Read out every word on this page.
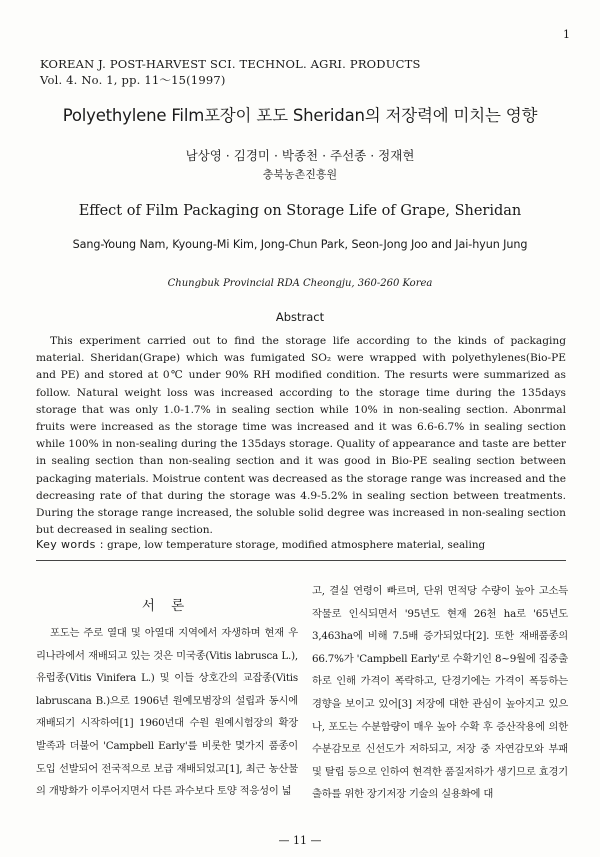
1
KOREAN J. POST-HARVEST SCI. TECHNOL. AGRI. PRODUCTS
Vol. 4. No. 1, pp. 11～15(1997)
Polyethylene Film포장이 포도 Sheridan의 저장력에 미치는 영향
남상영 · 김경미 · 박종천 · 주선종 · 정재현
충북농촌진흥원
Effect of Film Packaging on Storage Life of Grape, Sheridan
Sang-Young Nam, Kyoung-Mi Kim, Jong-Chun Park, Seon-Jong Joo and Jai-hyun Jung
Chungbuk Provincial RDA Cheongju, 360-260 Korea
Abstract
This experiment carried out to find the storage life according to the kinds of packaging material. Sheridan(Grape) which was fumigated SO₂ were wrapped with polyethylenes(Bio-PE and PE) and stored at 0℃ under 90% RH modified condition. The resurts were summarized as follow. Natural weight loss was increased according to the storage time during the 135days storage that was only 1.0-1.7% in sealing section while 10% in non-sealing section. Abonrmal fruits were increased as the storage time was increased and it was 6.6-6.7% in sealing section while 100% in non-sealing during the 135days storage. Quality of appearance and taste are better in sealing section than non-sealing section and it was good in Bio-PE sealing section between packaging materials. Moistrue content was decreased as the storage range was increased and the decreasing rate of that during the storage was 4.9-5.2% in sealing section between treatments. During the storage range increased, the soluble solid degree was increased in non-sealing section but decreased in sealing section.
Key words : grape, low temperature storage, modified atmosphere material, sealing
서 론

포도는 주로 열대 및 아열대 지역에서 자생하며 현재 우리나라에서 재배되고 있는 것은 미국종(Vitis labrusca L.), 유럽종(Vitis Vinifera L.) 및 이들 상호간의 교잡종(Vitis labruscana B.)으로 1906년 원예모범장의 설립과 동시에 재배되기 시작하여[1] 1960년대 수원 원예시험장의 확장 발족과 더불어 'Campbell Early'를 비롯한 몇가지 품종이 도입 선발되어 전국적으로 보급 재배되었고[1], 최근 농산물의 개방화가 이루어지면서 다른 과수보다 토양 적응성이 넓

고, 결실 연령이 빠르며, 단위 면적당 수량이 높아 고소득 작물로 인식되면서 '95년도 현재 26천 ha로 '65년도 3,463ha에 비해 7.5배 증가되었다[2]. 또한 재배품종의 66.7%가 'Campbell Early'로 수확기인 8~9월에 집중출하로 인해 가격이 폭락하고, 단경기에는 가격이 폭등하는 경향을 보이고 있어[3] 저장에 대한 관심이 높아지고 있으나, 포도는 수분함량이 매우 높아 수확 후 증산작용에 의한 수분감모로 신선도가 저하되고, 저장 중 자연감모와 부패 및 탈립 등으로 인하여 현격한 품질저하가 생기므로 효경기 출하를 위한 장기저장 기술의 실용화에 대

— 11 —
